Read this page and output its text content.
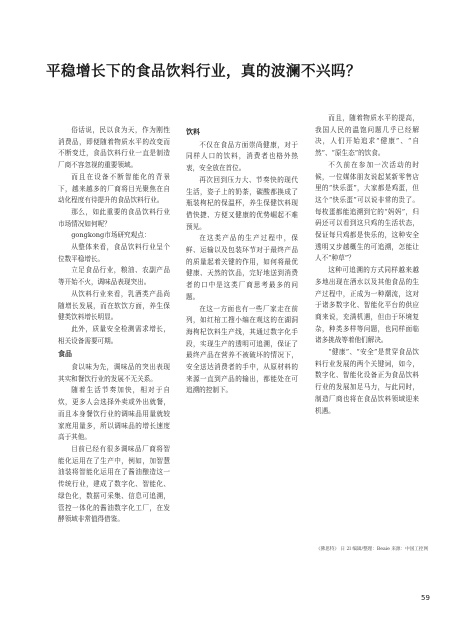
平稳增长下的食品饮料行业，真的波澜不兴吗？

俗话说，民以食为天，作为刚性消费品，即便随着物质水平的改变而不断变迁，食品饮料行业一直是制造厂商不容忽视的重要领域。

而且在设备不断智能化的背景下，越来越多的厂商将目光聚焦在自动化程度有待提升的食品饮料行业。

那么，如此重要的食品饮料行业市场情况如何呢？

gongkong市场研究观点：

从整体来看，食品饮料行业呈个位数平稳增长。

立足食品行业，粮油、农副产品等开始不火，调味品表现突出。

从饮料行业来看，乳酒类产品尚随增长发展，而在软饮方面，养生保健类饮料增长明显。

此外，质量安全检测需求增长，相关设备需要可期。

食品

食以味为先，调味品的突出表现其实和餐饮行业的发展不无关系。

随着生活节奏加快，相对于自炊，更多人会选择外卖或外出就餐，而且本身餐饮行业的调味品用量就较家庭用量多，所以调味品的增长速度高于其他。

目前已经有很多调味品厂商将智能化运用在了生产中，例如，加智慧油装将智能化运用在了酱油酿造这一传统行业，建成了数字化、智能化、绿色化，数据可采集、信息可追溯，管控一体化的酱油数字化工厂，在发酵领域非常值得借鉴。

饮料

不仅在食品方面崇尚健康，对于同样人口的饮料，消费者也格外热衷，安全放在首位。

再次回到压力大、节奏快的现代生活，姿子上的奶茶，碳酸都换成了瓶装枸杞的保温杯，养生保健饮料现借快捷、方便又健康的优势崛起不难预见。

在这类产品的生产过程中，保鲜、运输以及包装环节对于最终产品的质量起着关键的作用，如何将最优健康、天然的饮品，完好地送到消费者的口中是这类厂商思考最多的问题。

在这一方面也有一些厂家走在前列，如红棺工搜小编在观这的在湖洞海枸杞饮料生产线，其通过数字化手段，实现生产的透明可追溯，保证了最终产品在营养不被破坏的情况下，安全送达消费者的手中，从原材料的来源一直到产品的输出，都能处在可追溯的控制下。

而且，随着物质水平的提高，我国人民的温饱问题几乎已经解决，人们开始追求“健康”、“自然”、“原生态”的饮食。

不久前在参加一次活动的时候，一位媒体朋友说起某新零售店里的“快乐蛋”，大家都是鸡蛋，但这个“快乐蛋”可以说非常的贵了。每枚蛋都能追溯到它的“妈妈”，归码还可以看到这只鸡的生活状态，保证每只鸡都是快乐的，这种安全透明又步越概生的可追溯，怎能让人不“种草”？

这种可追溯的方式同样越来越多地出现在酒水以及其他食品的生产过程中，正成为一种潮流，这对于诸多数字化、智能化平台的供应商来说，充满机遇，但由于环境复杂，种类多样等问题，也同样面临诸多挑战等着他们解决。

“健康”、“安全”是贯穿食品饮料行业发展的两个关键词，如今，数字化、智能化设备正为食品饮料行业的发展加足马力，与此同时，制造厂商也将在食品饮料领域迎来机遇。

《佛思特》 日 2l 编辑/整理：Beaie 来源：中国工控网
59
